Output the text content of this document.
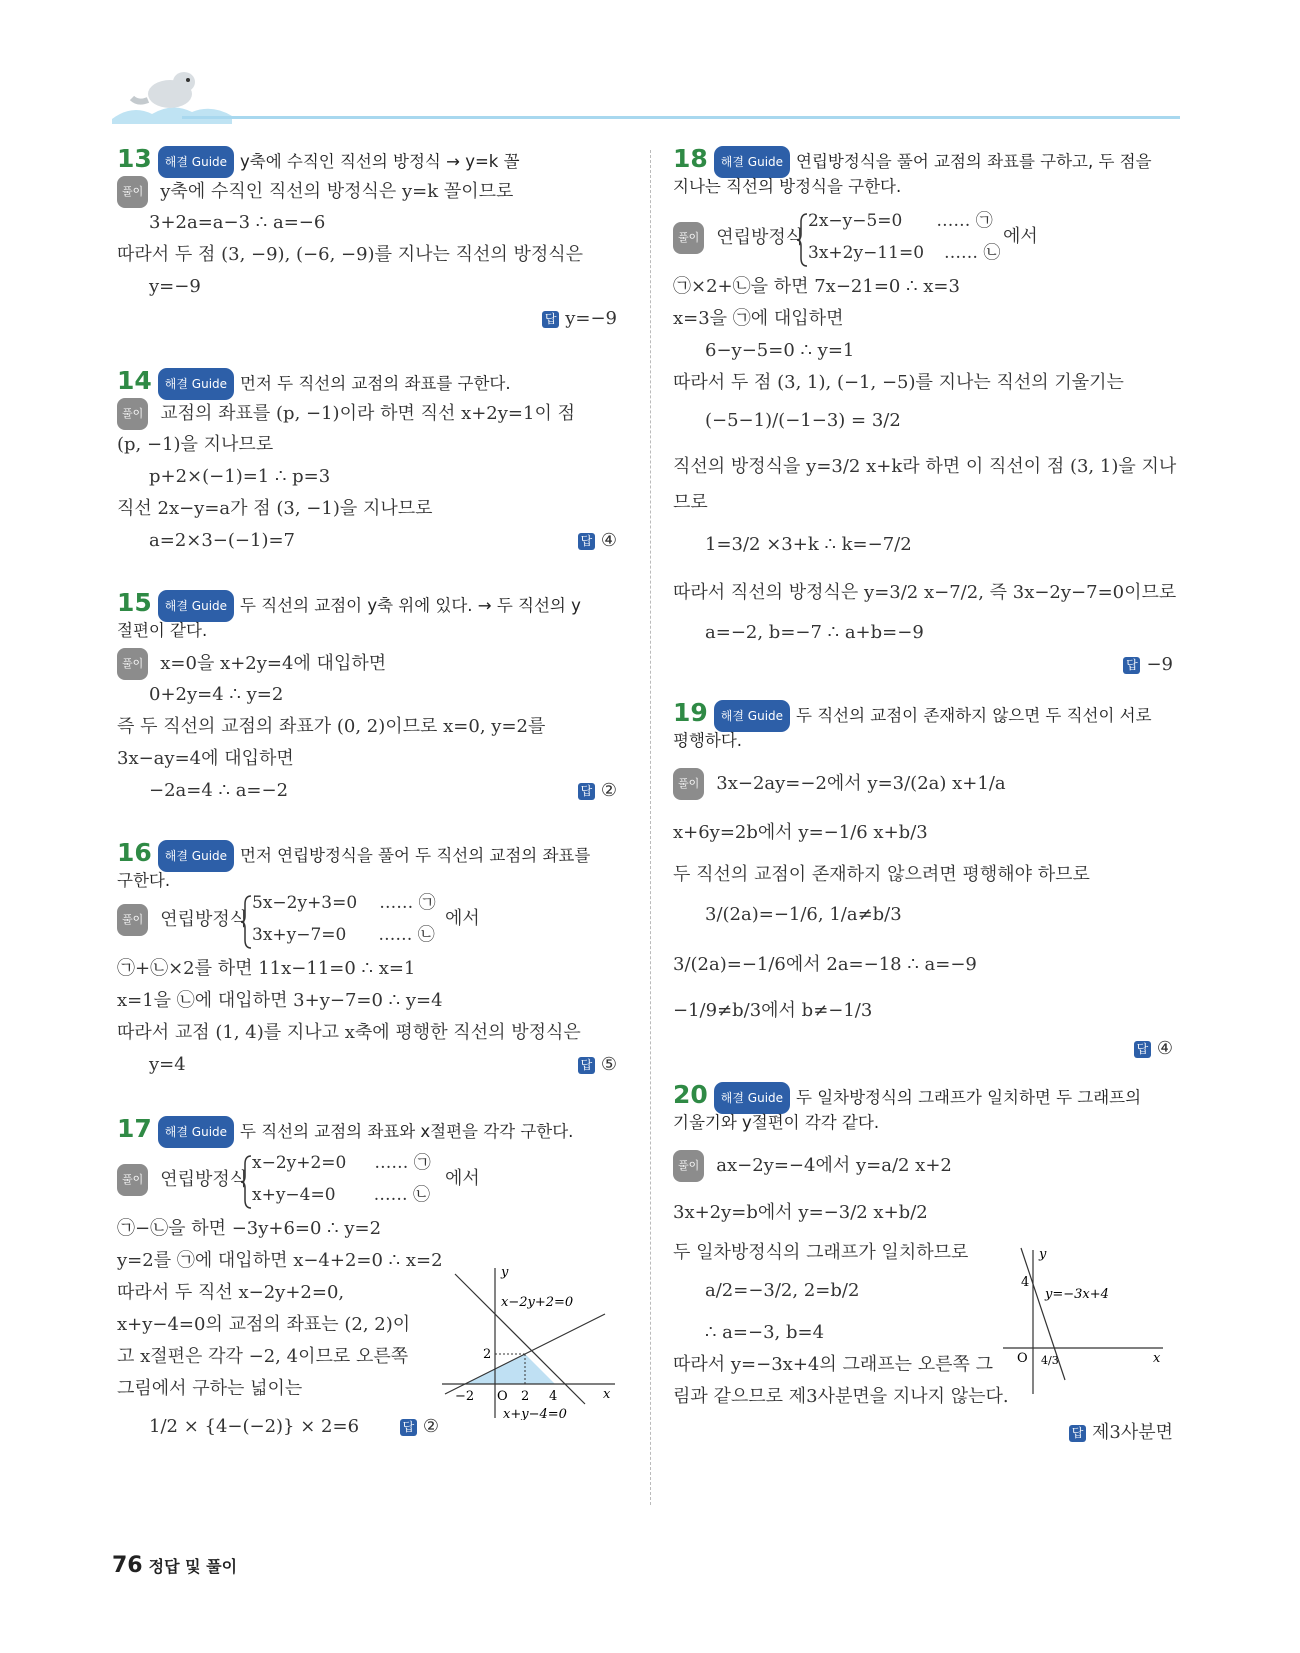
13 해결 Guide y축에 수직인 직선의 방정식 → y=k 꼴
풀이 y축에 수직인 직선의 방정식은 y=k 꼴이므로
3+2a=a−3 ∴ a=−6
따라서 두 점 (3, −9), (−6, −9)를 지나는 직선의 방정식은
y=−9
답 y=−9
14 해결 Guide 먼저 두 직선의 교점의 좌표를 구한다.
풀이 교점의 좌표를 (p, −1)이라 하면 직선 x+2y=1이 점
(p, −1)을 지나므로
p+2×(−1)=1 ∴ p=3
직선 2x−y=a가 점 (3, −1)을 지나므로
a=2×3−(−1)=7	답 ④
15 해결 Guide 두 직선의 교점이 y축 위에 있다. → 두 직선의 y
절편이 같다.
풀이 x=0을 x+2y=4에 대입하면
0+2y=4 ∴ y=2
즉 두 직선의 교점의 좌표가 (0, 2)이므로 x=0, y=2를
3x−ay=4에 대입하면
−2a=4 ∴ a=−2	답 ②
16 해결 Guide 먼저 연립방정식을 풀어 두 직선의 교점의 좌표를
구한다.
풀이 연립방정식
5x−2y+3=0 …… ㉠
3x+y−7=0 …… ㉡
에서
㉠+㉡×2를 하면 11x−11=0 ∴ x=1
x=1을 ㉡에 대입하면 3+y−7=0 ∴ y=4
따라서 교점 (1, 4)를 지나고 x축에 평행한 직선의 방정식은
y=4	답 ⑤
17 해결 Guide 두 직선의 교점의 좌표와 x절편을 각각 구한다.
풀이 연립방정식
x−2y+2=0 …… ㉠
x+y−4=0 …… ㉡
에서
㉠−㉡을 하면 −3y+6=0 ∴ y=2
y=2를 ㉠에 대입하면 x−4+2=0 ∴ x=2
따라서 두 직선 x−2y+2=0,
x+y−4=0의 교점의 좌표는 (2, 2)이
고 x절편은 각각 −2, 4이므로 오른쪽
그림에서 구하는 넓이는
1/2 × {4−(−2)} × 2=6	답 ②
y
x
−2 O 2 4
2
x−2y+2=0
x+y−4=0
18 해결 Guide 연립방정식을 풀어 교점의 좌표를 구하고, 두 점을
지나는 직선의 방정식을 구한다.
풀이 연립방정식
2x−y−5=0 …… ㉠
3x+2y−11=0 …… ㉡
에서
㉠×2+㉡을 하면 7x−21=0 ∴ x=3
x=3을 ㉠에 대입하면
6−y−5=0 ∴ y=1
따라서 두 점 (3, 1), (−1, −5)를 지나는 직선의 기울기는
(−5−1)/(−1−3) = 3/2
직선의 방정식을 y=3/2 x+k라 하면 이 직선이 점 (3, 1)을 지나
므로
1=3/2 ×3+k ∴ k=−7/2
따라서 직선의 방정식은 y=3/2 x−7/2, 즉 3x−2y−7=0이므로
a=−2, b=−7 ∴ a+b=−9
답 −9
19 해결 Guide 두 직선의 교점이 존재하지 않으면 두 직선이 서로
평행하다.
풀이 3x−2ay=−2에서 y=3/(2a) x+1/a
x+6y=2b에서 y=−1/6 x+b/3
두 직선의 교점이 존재하지 않으려면 평행해야 하므로
3/(2a)=−1/6, 1/a≠b/3
3/(2a)=−1/6에서 2a=−18 ∴ a=−9
−1/9≠b/3에서 b≠−1/3
답 ④
20 해결 Guide 두 일차방정식의 그래프가 일치하면 두 그래프의
기울기와 y절편이 각각 같다.
풀이 ax−2y=−4에서 y=a/2 x+2
3x+2y=b에서 y=−3/2 x+b/2
두 일차방정식의 그래프가 일치하므로
a/2=−3/2, 2=b/2
∴ a=−3, b=4
따라서 y=−3x+4의 그래프는 오른쪽 그
림과 같으므로 제3사분면을 지나지 않는다.
답 제3사분면
y
x
4
O 4/3
y=−3x+4
76 정답 및 풀이
